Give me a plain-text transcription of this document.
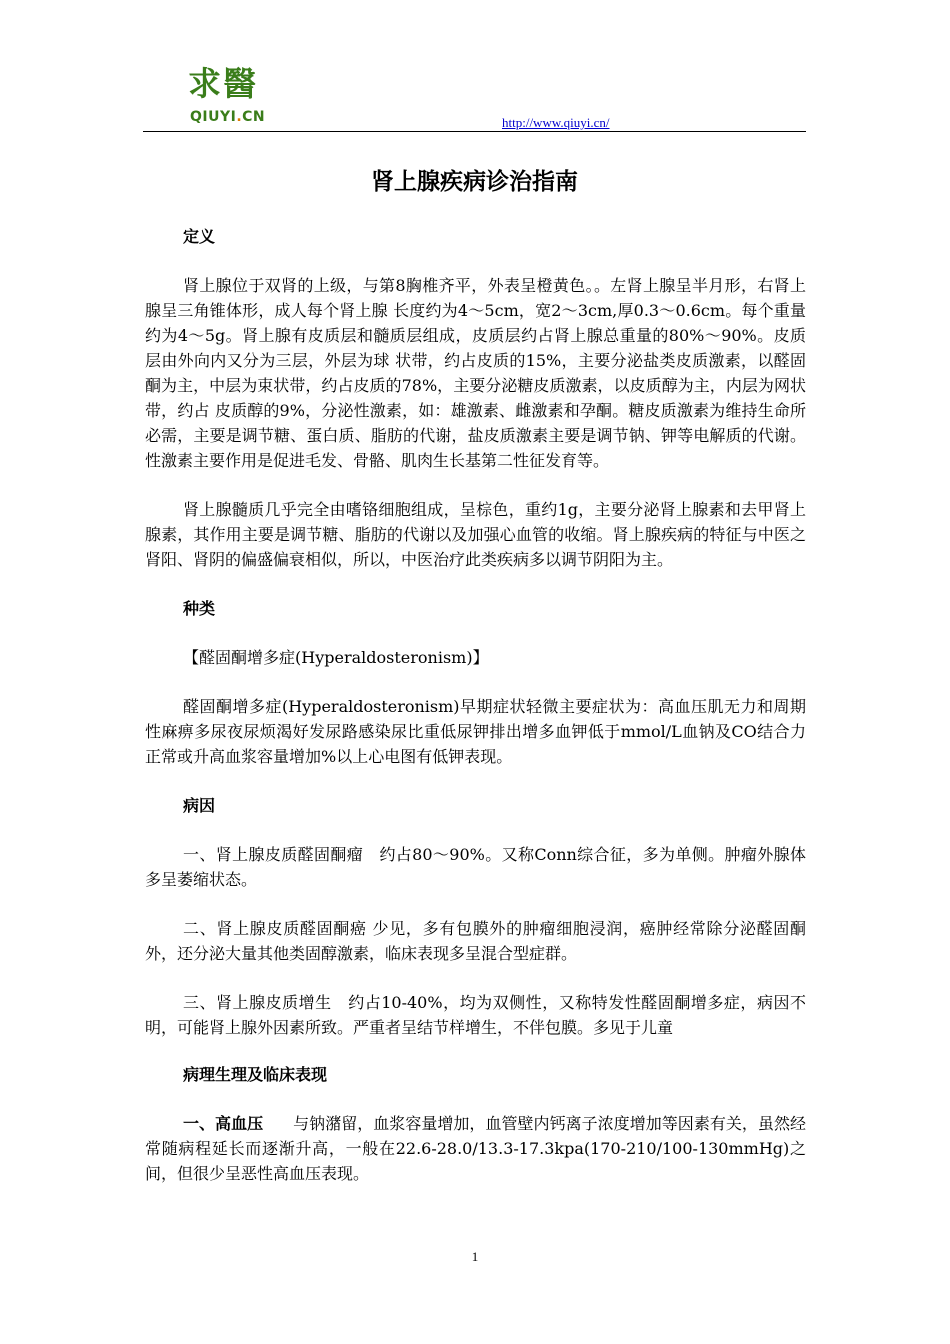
求醫
QIUYI.CN	http://www.qiuyi.cn/
肾上腺疾病诊治指南

定义

肾上腺位于双肾的上级，与第8胸椎齐平，外表呈橙黄色。。左肾上腺呈半月形，右肾上腺呈三角锥体形，成人每个肾上腺 长度约为4～5cm，宽2～3cm,厚0.3～0.6cm。每个重量约为4～5g。肾上腺有皮质层和髓质层组成，皮质层约占肾上腺总重量的80%～90%。皮质层由外向内又分为三层，外层为球 状带，约占皮质的15%，主要分泌盐类皮质激素，以醛固酮为主，中层为束状带，约占皮质的78%，主要分泌糖皮质激素，以皮质醇为主，内层为网状带，约占 皮质醇的9%，分泌性激素，如：雄激素、雌激素和孕酮。糖皮质激素为维持生命所必需，主要是调节糖、蛋白质、脂肪的代谢，盐皮质激素主要是调节钠、钾等电解质的代谢。性激素主要作用是促进毛发、骨骼、肌肉生长基第二性征发育等。

肾上腺髓质几乎完全由嗜铬细胞组成，呈棕色，重约1g，主要分泌肾上腺素和去甲肾上腺素，其作用主要是调节糖、脂肪的代谢以及加强心血管的收缩。肾上腺疾病的特征与中医之肾阳、肾阴的偏盛偏衰相似，所以，中医治疗此类疾病多以调节阴阳为主。

种类

【醛固酮增多症(Hyperaldosteronism)】

醛固酮增多症(Hyperaldosteronism)早期症状轻微主要症状为：高血压肌无力和周期性麻痹多尿夜尿烦渴好发尿路感染尿比重低尿钾排出增多血钾低于mmol/L血钠及CO结合力正常或升高血浆容量增加%以上心电图有低钾表现。

病因

一、肾上腺皮质醛固酮瘤　约占80～90%。又称Conn综合征，多为单侧。肿瘤外腺体多呈萎缩状态。

二、肾上腺皮质醛固酮癌 少见，多有包膜外的肿瘤细胞浸润，癌肿经常除分泌醛固酮外，还分泌大量其他类固醇激素，临床表现多呈混合型症群。

三、肾上腺皮质增生　约占10-40%，均为双侧性，又称特发性醛固酮增多症，病因不明，可能肾上腺外因素所致。严重者呈结节样增生，不伴包膜。多见于儿童

病理生理及临床表现

一、高血压 与钠潴留，血浆容量增加，血管壁内钙离子浓度增加等因素有关，虽然经常随病程延长而逐渐升高，一般在22.6-28.0/13.3-17.3kpa(170-210/100-130mmHg)之间，但很少呈恶性高血压表现。

1
